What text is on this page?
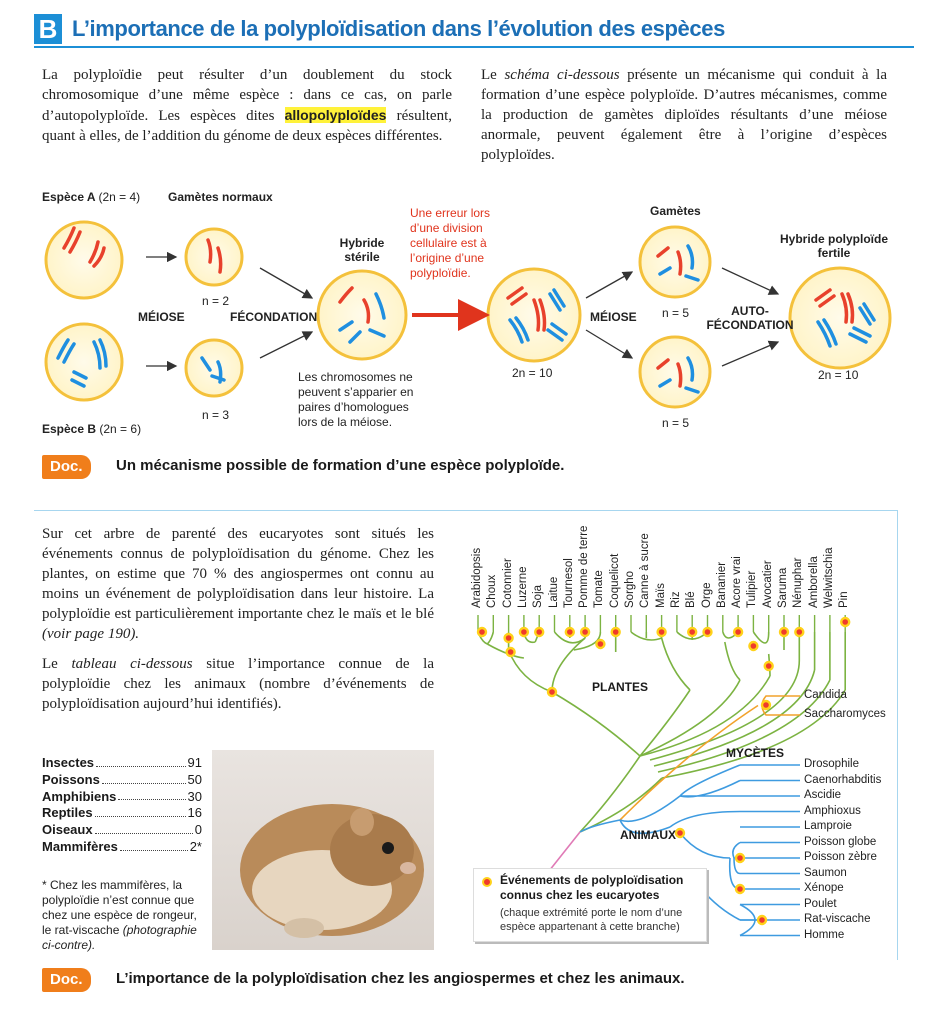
B L’importance de la polyploïdisation dans l’évolution des espèces

La polyploïdie peut résulter d’un doublement du stock chromosomique d’une même espèce : dans ce cas, on parle d’autopolyploïde. Les espèces dites allopolyploïdes résultent, quant à elles, de l’addition du génome de deux espèces différentes.

Le schéma ci-dessous présente un mécanisme qui conduit à la formation d’une espèce polyploïde. D’autres mécanismes, comme la production de gamètes diploïdes résultants d’une méiose anormale, peuvent également être à l’origine d’espèces polyploïdes.

Espèce A (2n = 4) Gamètes normaux
MÉIOSE	FÉCONDATION
n = 2
n = 3
Espèce B (2n = 6)
Hybride
stérile
Les chromosomes ne
peuvent s’apparier en
paires d’homologues
lors de la méiose.
Une erreur lors
d’une division
cellulaire est à
l’origine d’une
polyploïdie.
2n = 10
MÉIOSE
Gamètes
n = 5
n = 5
AUTO-
FÉCONDATION
Hybride polyploïde
fertile
2n = 10
Doc. 2
Un mécanisme possible de formation d’une espèce polyploïde.

Sur cet arbre de parenté des eucaryotes sont situés les événements connus de polyploïdisation du génome. Chez les plantes, on estime que 70 % des angiospermes ont connu au moins un événement de polyploïdisation dans leur histoire. La polyploïdie est particulièrement importante chez le maïs et le blé (voir page 190).

Le tableau ci-dessous situe l’importance connue de la polyploïdie chez les animaux (nombre d’événements de polyploïdisation aujourd’hui identifiés).

Insectes	91
Poissons	50
Amphibiens	30
Reptiles	16
Oiseaux	0
Mammifères	2*

* Chez les mammifères, la polyploïdie n’est connue que chez une espèce de rongeur, le rat-viscache (photographie ci-contre).

Arabidopsis Choux Cotonnier Luzerne Soja Laitue Tournesol Pomme de terre Tomate Coquelicot Sorgho Canne à sucre Maïs Riz Blé Orge Bananier Acore vrai Tulipier Avocatier Saruma Nénuphar Amborella Welwitschia Pin
Candida
Saccharomyces
Drosophile
Caenorhabditis
Ascidie
Amphioxus
Lamproie
Poisson globe
Poisson zèbre
Saumon
Xénope
Poulet
Rat-viscache
Homme
PLANTES
MYCÈTES
ANIMAUX
Événements de polyploïdisation connus chez les eucaryotes
(chaque extrémité porte le nom d’une espèce appartenant à cette branche)
Doc. 3
L’importance de la polyploïdisation chez les angiospermes et chez les animaux.
